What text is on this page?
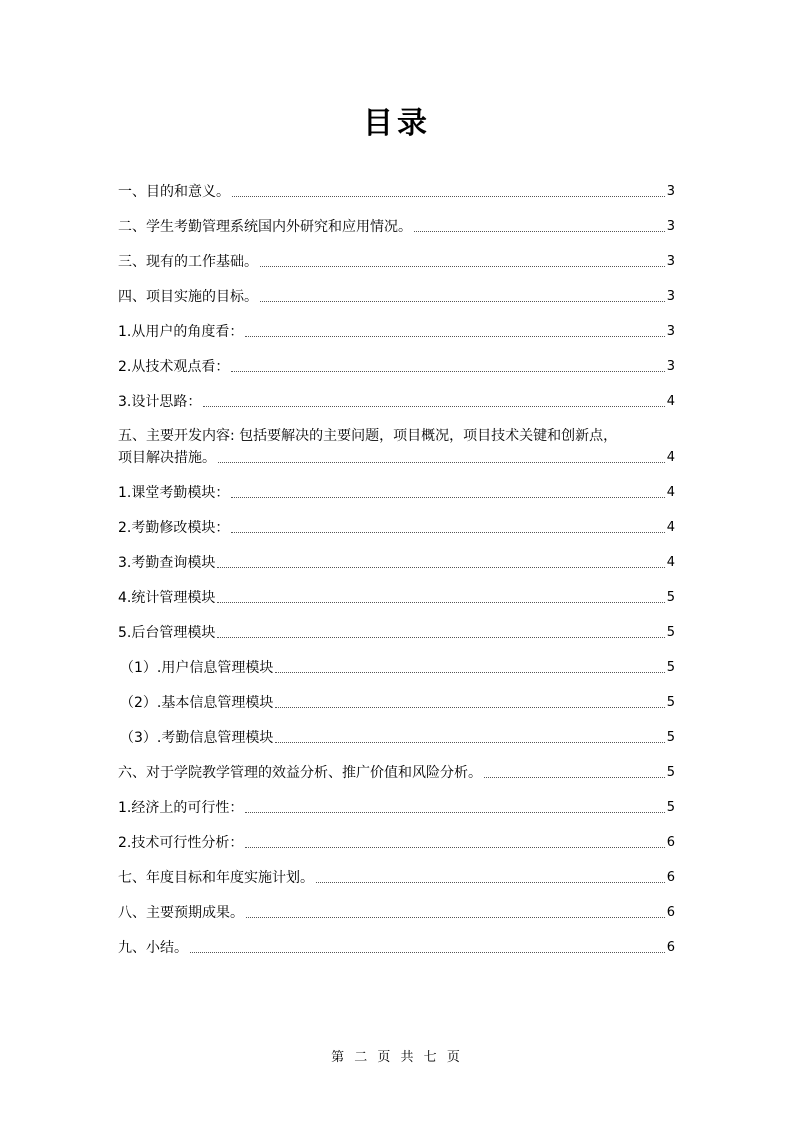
目录
一、目的和意义。	3
二、学生考勤管理系统国内外研究和应用情况。	3
三、现有的工作基础。	3
四、项目实施的目标。	3
1.从用户的角度看：	3
2.从技术观点看：	3
3.设计思路：	4
五、主要开发内容: 包括要解决的主要问题，项目概况，项目技术关键和创新点，
项目解决措施。	4
1.课堂考勤模块：	4
2.考勤修改模块：	4
3.考勤查询模块	4
4.统计管理模块	5
5.后台管理模块	5
（1）.用户信息管理模块	5
（2）.基本信息管理模块	5
（3）.考勤信息管理模块	5
六、对于学院教学管理的效益分析、推广价值和风险分析。	5
1.经济上的可行性：	5
2.技术可行性分析：	6
七、年度目标和年度实施计划。	6
八、主要预期成果。	6
九、小结。	6
第 二 页 共 七 页
